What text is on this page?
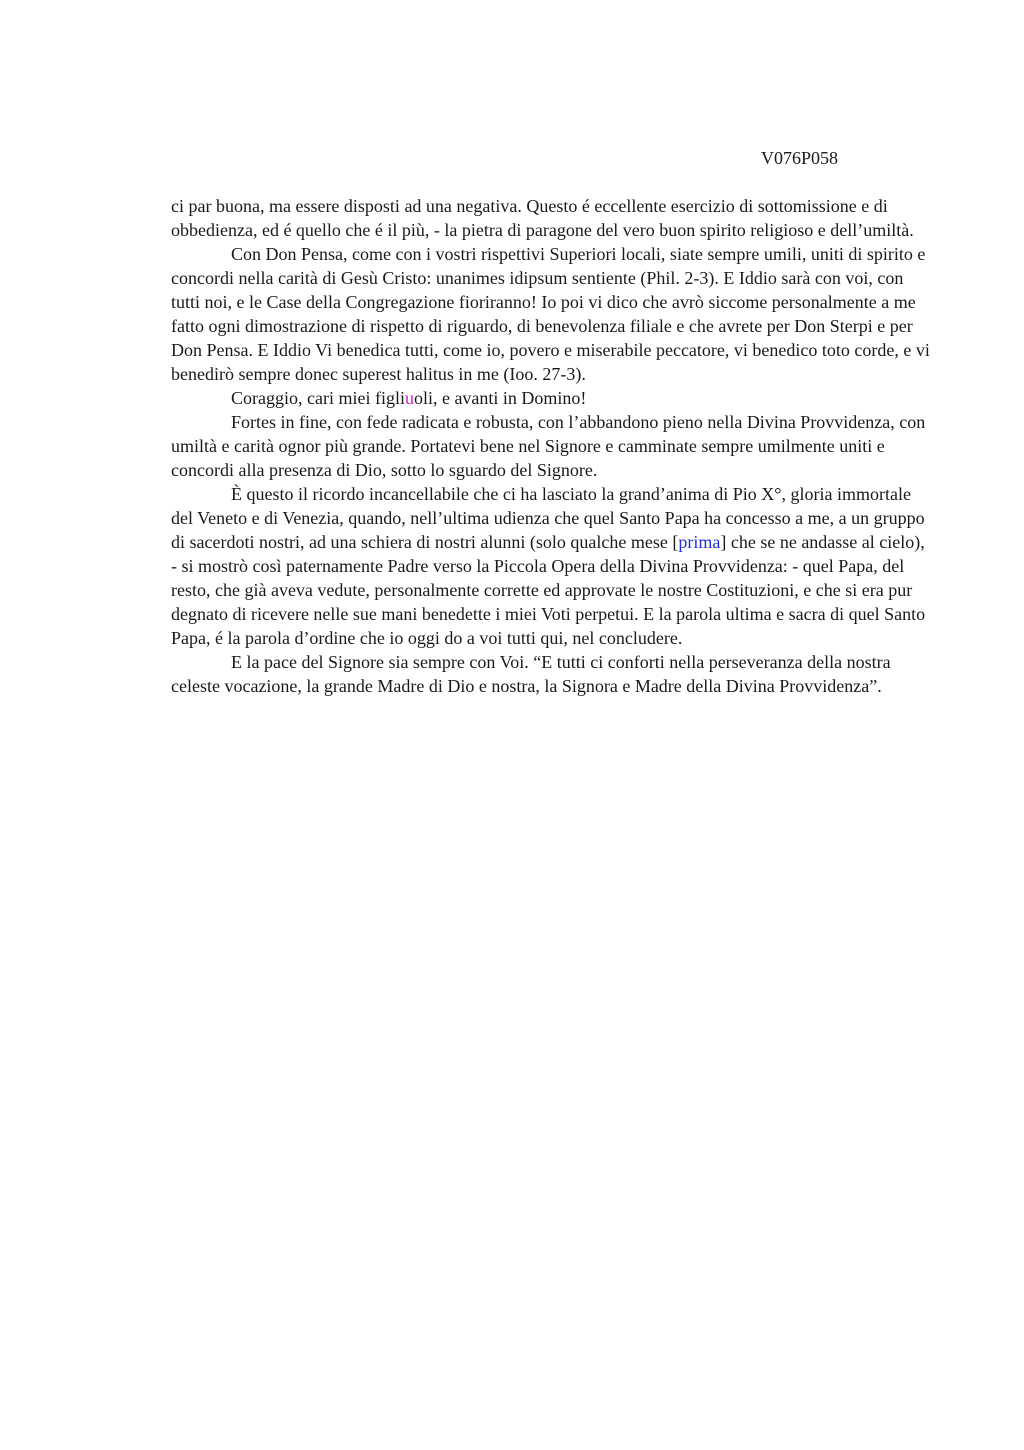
V076P058

ci par buona, ma essere disposti ad una negativa. Questo é eccellente esercizio di sottomissione e di obbedienza, ed é quello che é il più, - la pietra di paragone del vero buon spirito religioso e dell’umiltà.

Con Don Pensa, come con i vostri rispettivi Superiori locali, siate sempre umili, uniti di spirito e concordi nella carità di Gesù Cristo: unanimes idipsum sentiente (Phil. 2-3). E Iddio sarà con voi, con tutti noi, e le Case della Congregazione fioriranno! Io poi vi dico che avrò siccome personalmente a me fatto ogni dimostrazione di rispetto di riguardo, di benevolenza filiale e che avrete per Don Sterpi e per Don Pensa. E Iddio Vi benedica tutti, come io, povero e miserabile peccatore, vi benedico toto corde, e vi benedirò sempre donec superest halitus in me (Ioo. 27-3).

Coraggio, cari miei figliuoli, e avanti in Domino!

Fortes in fine, con fede radicata e robusta, con l’abbandono pieno nella Divina Provvidenza, con umiltà e carità ognor più grande. Portatevi bene nel Signore e camminate sempre umilmente uniti e concordi alla presenza di Dio, sotto lo sguardo del Signore.

È questo il ricordo incancellabile che ci ha lasciato la grand’anima di Pio X°, gloria immortale del Veneto e di Venezia, quando, nell’ultima udienza che quel Santo Papa ha concesso a me, a un gruppo di sacerdoti nostri, ad una schiera di nostri alunni (solo qualche mese [prima] che se ne andasse al cielo), - si mostrò così paternamente Padre verso la Piccola Opera della Divina Provvidenza: - quel Papa, del resto, che già aveva vedute, personalmente corrette ed approvate le nostre Costituzioni, e che si era pur degnato di ricevere nelle sue mani benedette i miei Voti perpetui. E la parola ultima e sacra di quel Santo Papa, é la parola d’ordine che io oggi do a voi tutti qui, nel concludere.

E la pace del Signore sia sempre con Voi. “E tutti ci conforti nella perseveranza della nostra celeste vocazione, la grande Madre di Dio e nostra, la Signora e Madre della Divina Provvidenza”.
